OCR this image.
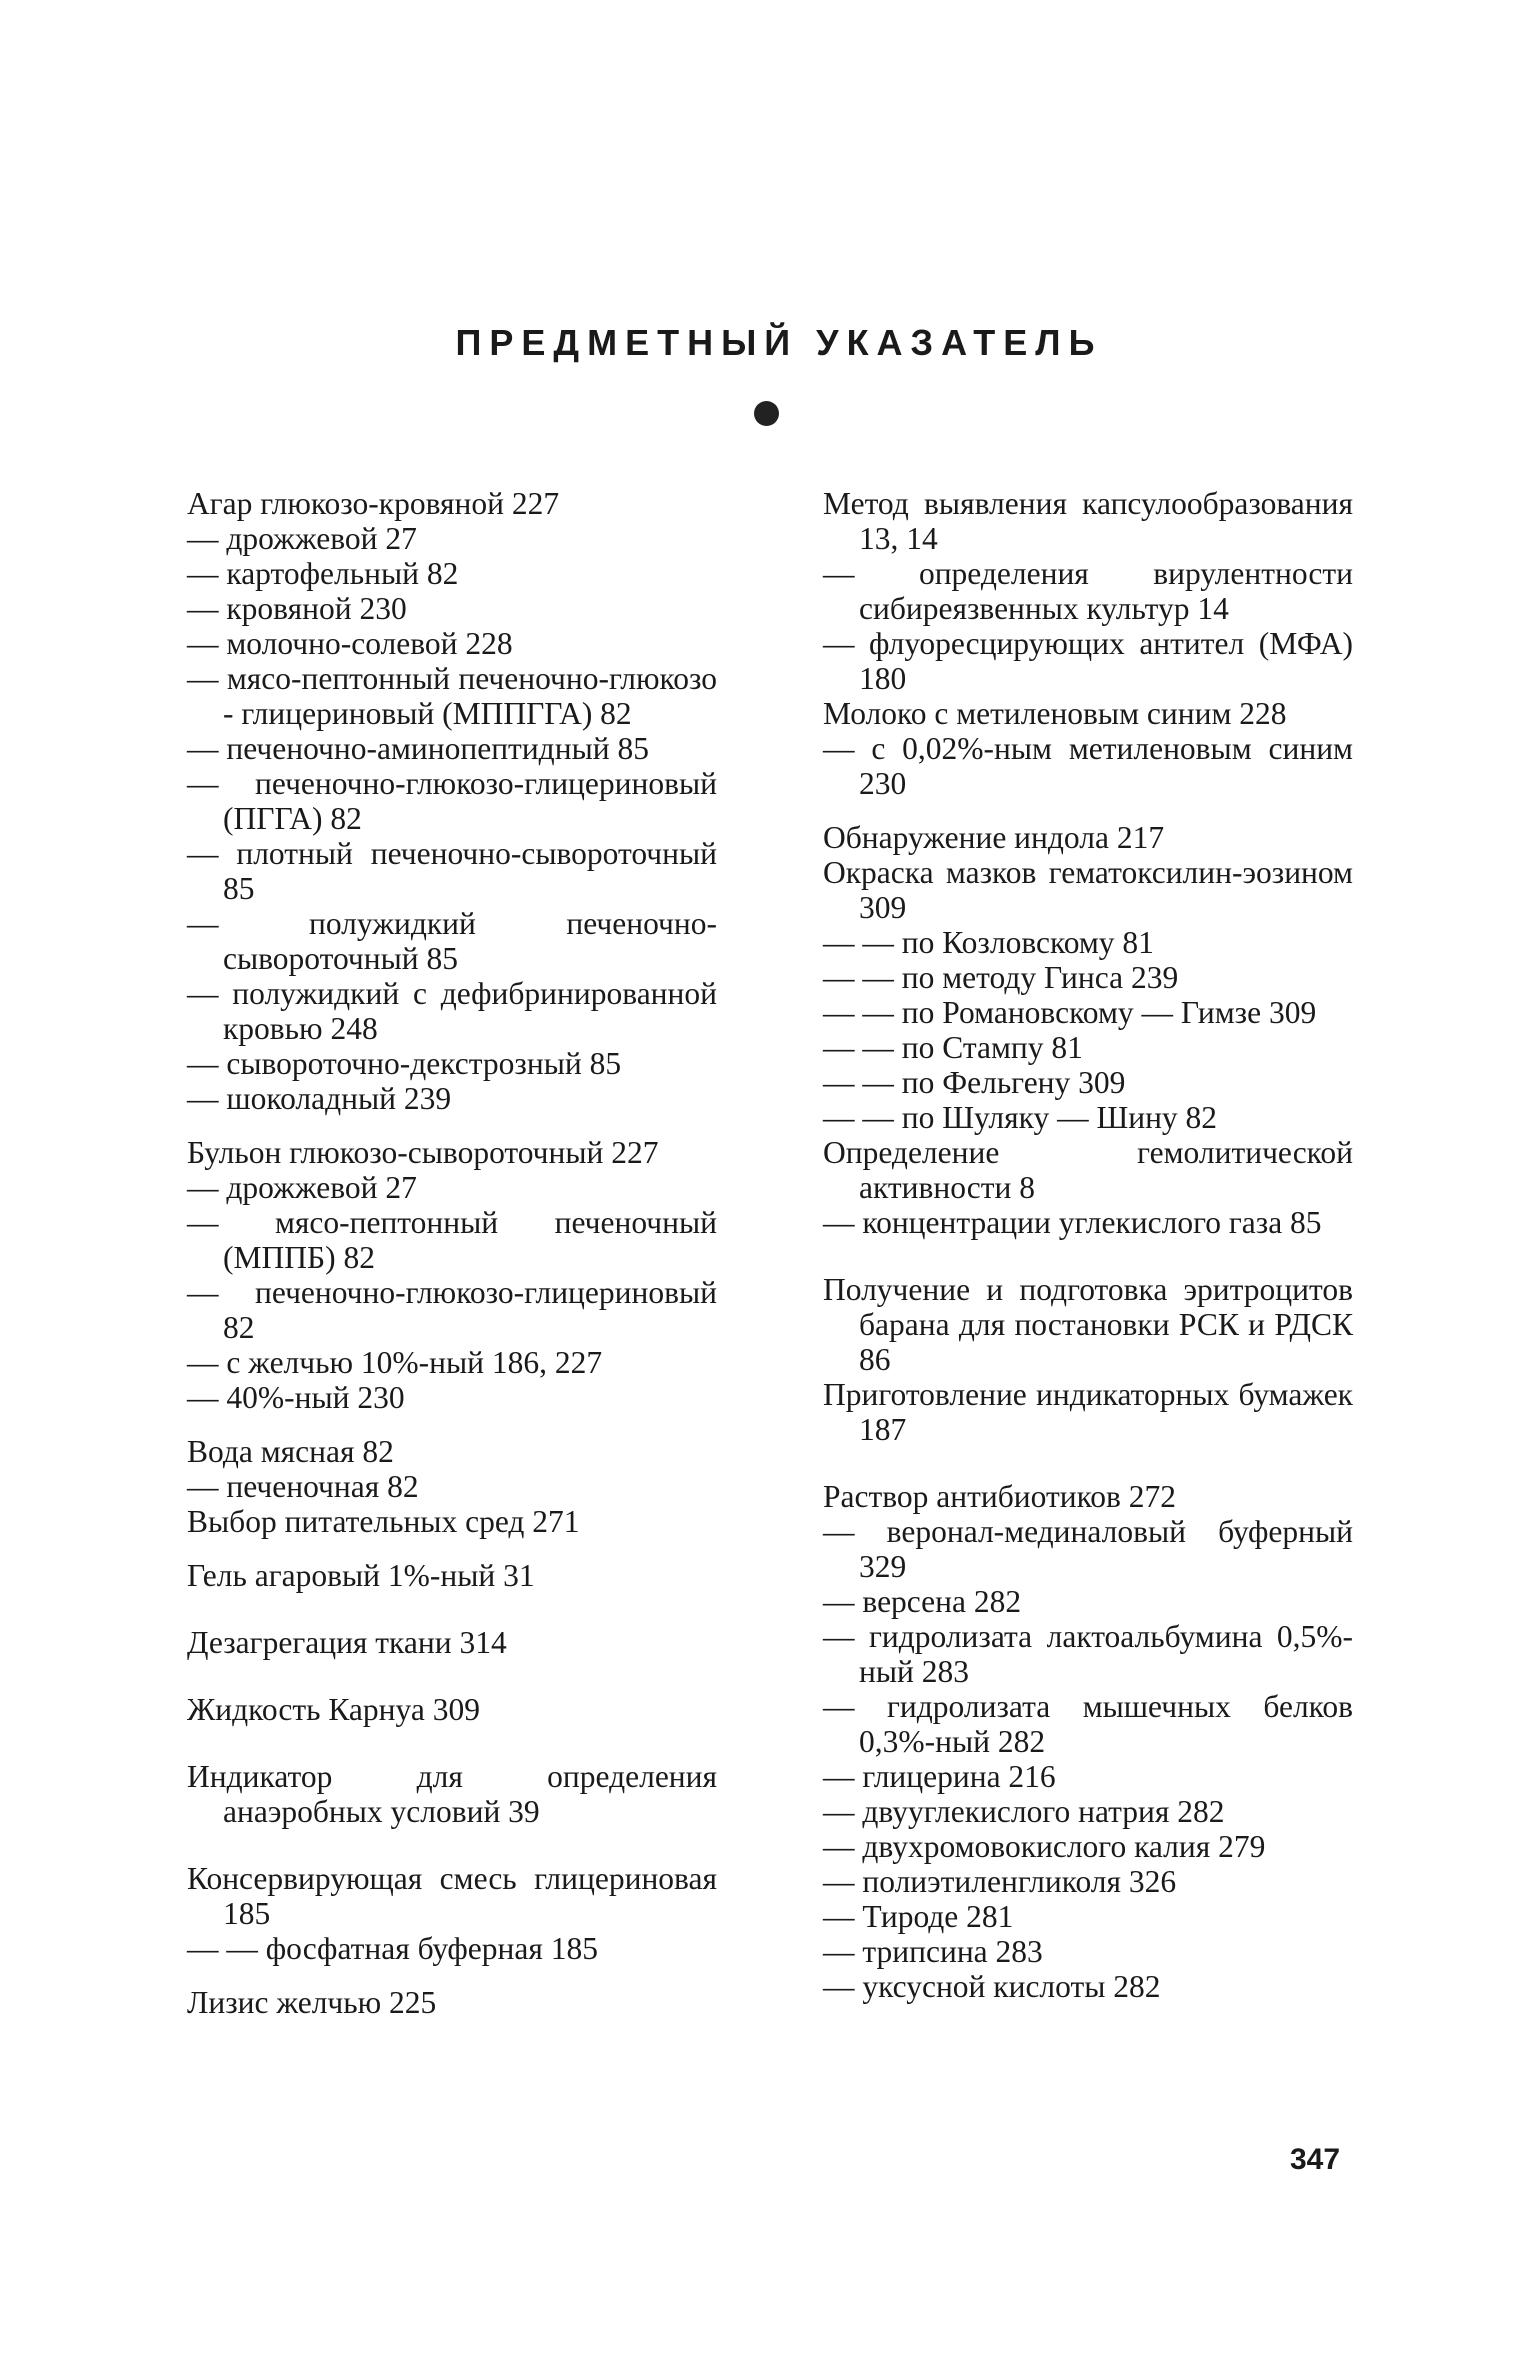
ПРЕДМЕТНЫЙ УКАЗАТЕЛЬ
Агар глюкозо-кровяной 227
— дрожжевой 27
— картофельный 82
— кровяной 230
— молочно-солевой 228
— мясо-пептонный печеночно-глюкозо - глицериновый (МППГГА) 82
— печеночно-аминопептидный 85
— печеночно-глюкозо-глицериновый (ПГГА) 82
— плотный печеночно-сывороточный 85
— полужидкий печеночно-сывороточный 85
— полужидкий с дефибринированной кровью 248
— сывороточно-декстрозный 85
— шоколадный 239
Бульон глюкозо-сывороточный 227
— дрожжевой 27
— мясо-пептонный печеночный (МППБ) 82
— печеночно-глюкозо-глицериновый 82
— с желчью 10%-ный 186, 227
— 40%-ный 230
Вода мясная 82
— печеночная 82
Выбор питательных сред 271
Гель агаровый 1%-ный 31
Дезагрегация ткани 314
Жидкость Карнуа 309
Индикатор для определения анаэробных условий 39
Консервирующая смесь глицериновая 185
— — фосфатная буферная 185
Лизис желчью 225
Метод выявления капсулообразования 13, 14
— определения вирулентности сибиреязвенных культур 14
— флуоресцирующих антител (МФА) 180
Молоко с метиленовым синим 228
— с 0,02%-ным метиленовым синим 230
Обнаружение индола 217
Окраска мазков гематоксилин-эозином 309
— — по Козловскому 81
— — по методу Гинса 239
— — по Романовскому — Гимзе 309
— — по Стампу 81
— — по Фельгену 309
— — по Шуляку — Шину 82
Определение гемолитической активности 8
— концентрации углекислого газа 85
Получение и подготовка эритроцитов барана для постановки РСК и РДСК 86
Приготовление индикаторных бумажек 187
Раствор антибиотиков 272
— веронал-мединаловый буферный 329
— версена 282
— гидролизата лактоальбумина 0,5%-ный 283
— гидролизата мышечных белков 0,3%-ный 282
— глицерина 216
— двууглекислого натрия 282
— двухромовокислого калия 279
— полиэтиленгликоля 326
— Тироде 281
— трипсина 283
— уксусной кислоты 282
347
